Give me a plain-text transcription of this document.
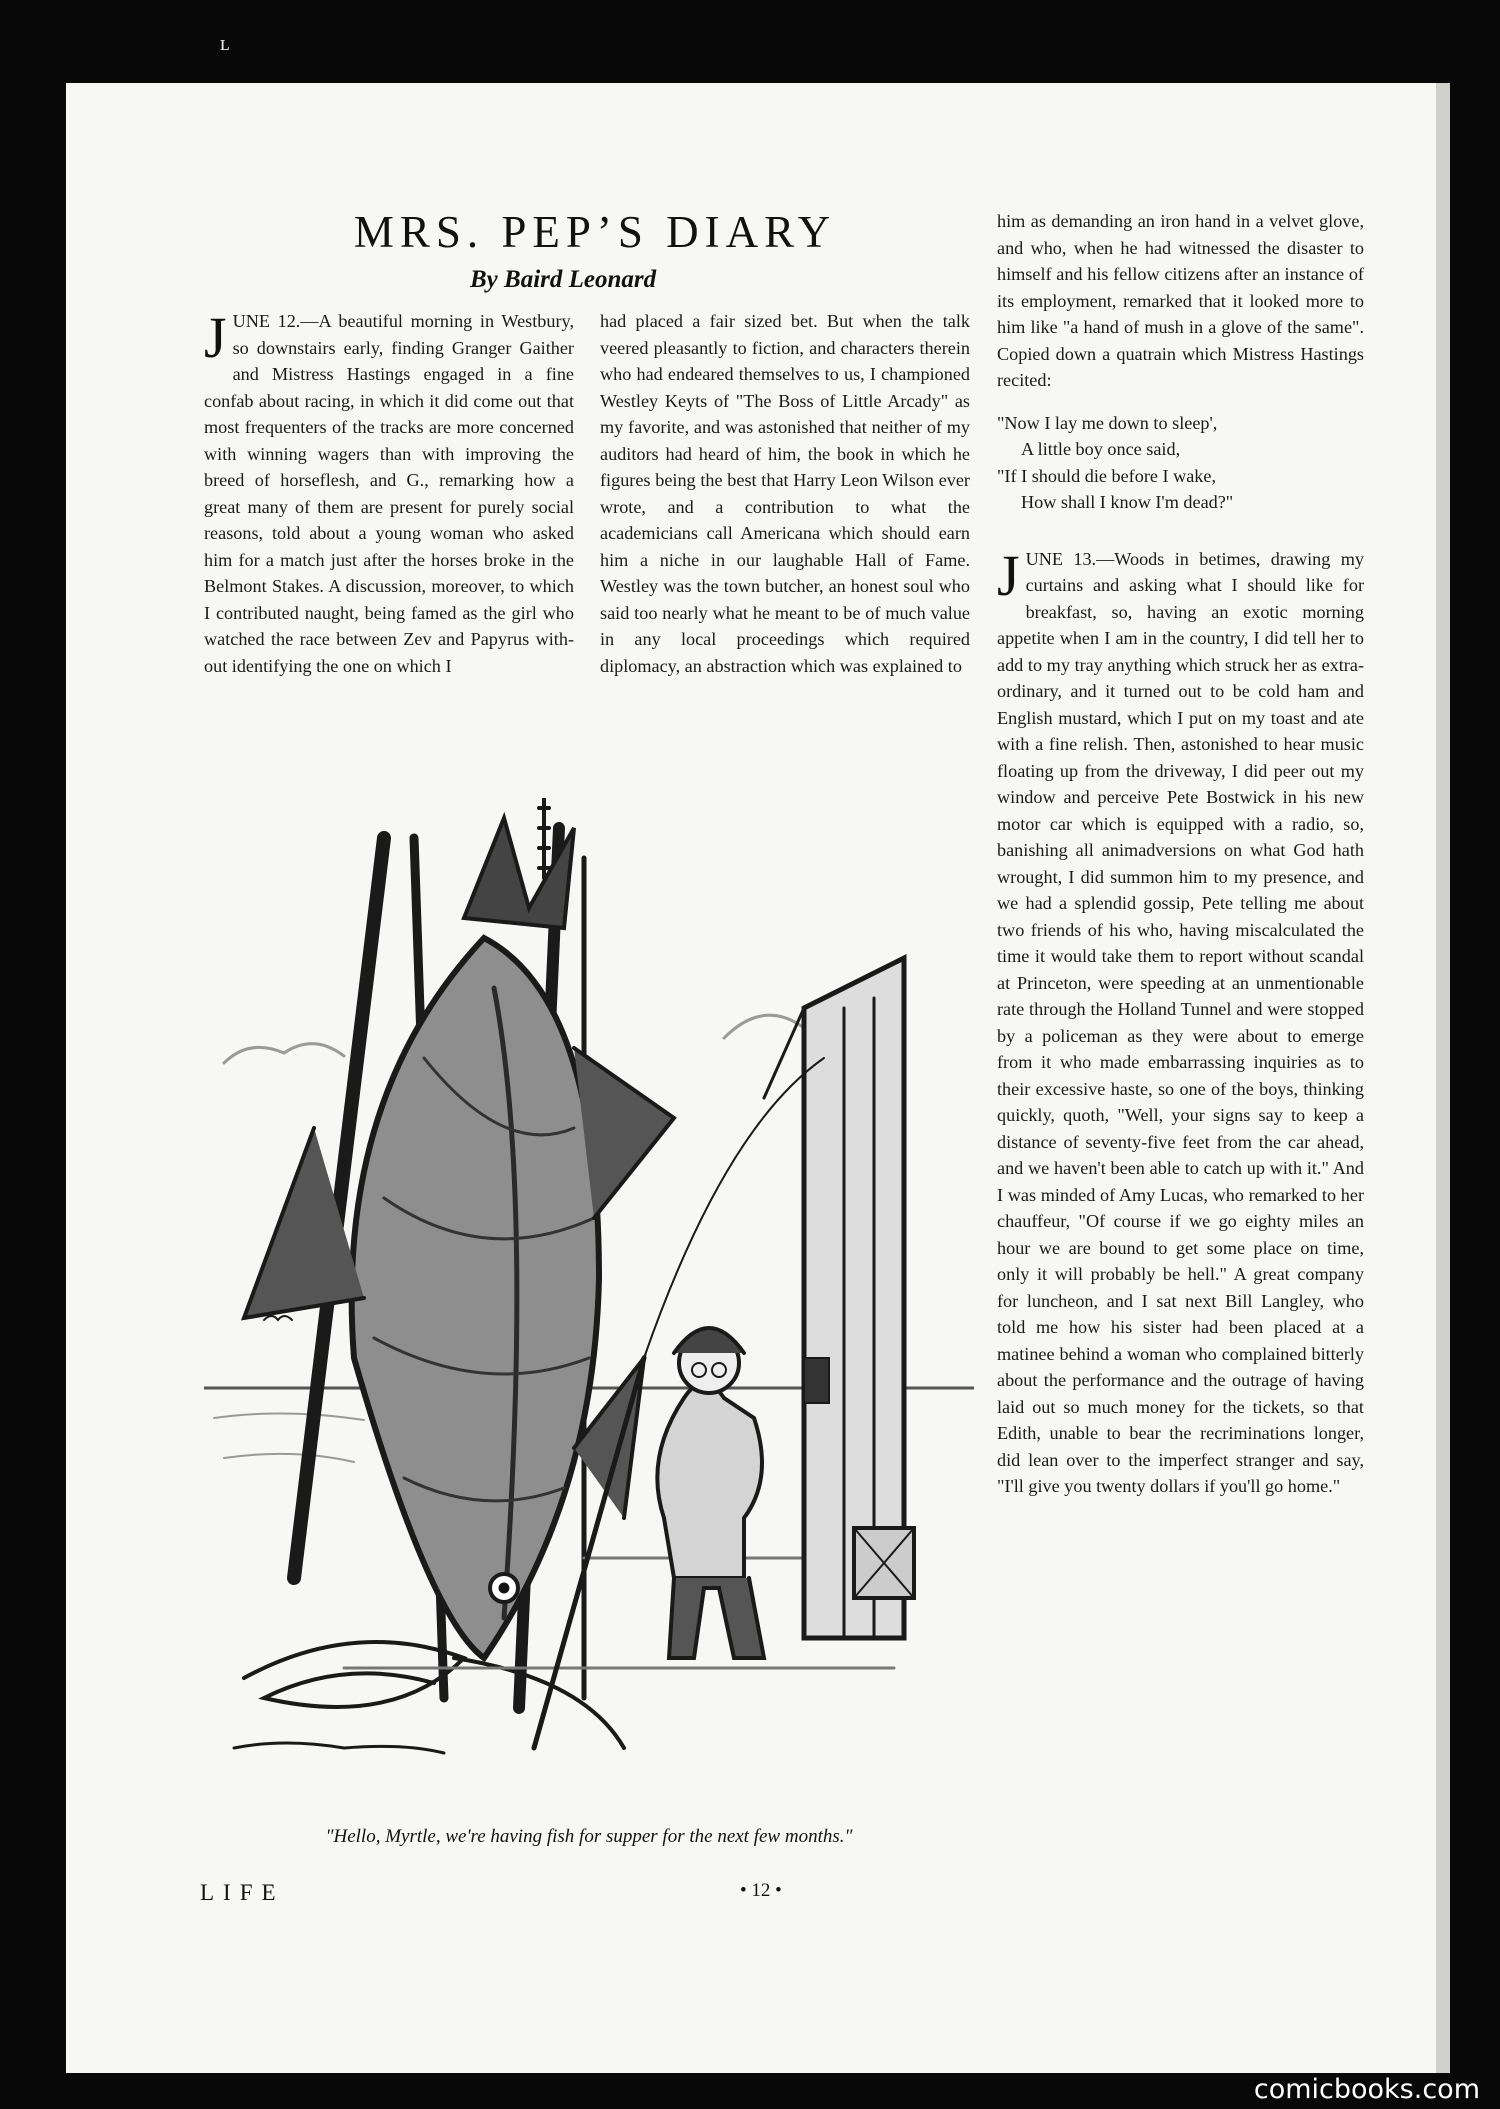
ʟ
MRS. PEP’S DIARY
By Baird Leonard

JUNE 12.—A beautiful morning in Westbury, so downstairs early, finding Granger Gaither and Mistress Hastings engaged in a fine confab about racing, in which it did come out that most frequenters of the tracks are more concerned with winning wagers than with improving the breed of horseflesh, and G., remarking how a great many of them are present for purely social reasons, told about a young woman who asked him for a match just after the horses broke in the Belmont Stakes. A discussion, moreover, to which I contributed naught, being famed as the girl who watched the race between Zev and Papyrus without identifying the one on which I

had placed a fair sized bet. But when the talk veered pleasantly to fiction, and characters therein who had endeared themselves to us, I championed Westley Keyts of "The Boss of Little Arcady" as my favorite, and was astonished that neither of my auditors had heard of him, the book in which he figures being the best that Harry Leon Wilson ever wrote, and a contribution to what the academicians call Americana which should earn him a niche in our laughable Hall of Fame. Westley was the town butcher, an honest soul who said too nearly what he meant to be of much value in any local proceedings which required diplomacy, an abstraction which was explained to

him as demanding an iron hand in a velvet glove, and who, when he had witnessed the disaster to himself and his fellow citizens after an instance of its employment, remarked that it looked more to him like "a hand of mush in a glove of the same". Copied down a quatrain which Mistress Hastings recited:

"Now I lay me down to sleep',
A little boy once said,
"If I should die before I wake,
How shall I know I'm dead?"

JUNE 13.—Woods in betimes, drawing my curtains and asking what I should like for breakfast, so, having an exotic morning appetite when I am in the country, I did tell her to add to my tray anything which struck her as extraordinary, and it turned out to be cold ham and English mustard, which I put on my toast and ate with a fine relish. Then, astonished to hear music floating up from the driveway, I did peer out my window and perceive Pete Bostwick in his new motor car which is equipped with a radio, so, banishing all animadversions on what God hath wrought, I did summon him to my presence, and we had a splendid gossip, Pete telling me about two friends of his who, having miscalculated the time it would take them to report without scandal at Princeton, were speeding at an unmentionable rate through the Holland Tunnel and were stopped by a policeman as they were about to emerge from it who made embarrassing inquiries as to their excessive haste, so one of the boys, thinking quickly, quoth, "Well, your signs say to keep a distance of seventy-five feet from the car ahead, and we haven't been able to catch up with it." And I was minded of Amy Lucas, who remarked to her chauffeur, "Of course if we go eighty miles an hour we are bound to get some place on time, only it will probably be hell." A great company for luncheon, and I sat next Bill Langley, who told me how his sister had been placed at a matinee behind a woman who complained bitterly about the performance and the outrage of having laid out so much money for the tickets, so that Edith, unable to bear the recriminations longer, did lean over to the imperfect stranger and say, "I'll give you twenty dollars if you'll go home."

"Hello, Myrtle, we're having fish for supper for the next few months."

LIFE	• 12 •

comicbooks.com
